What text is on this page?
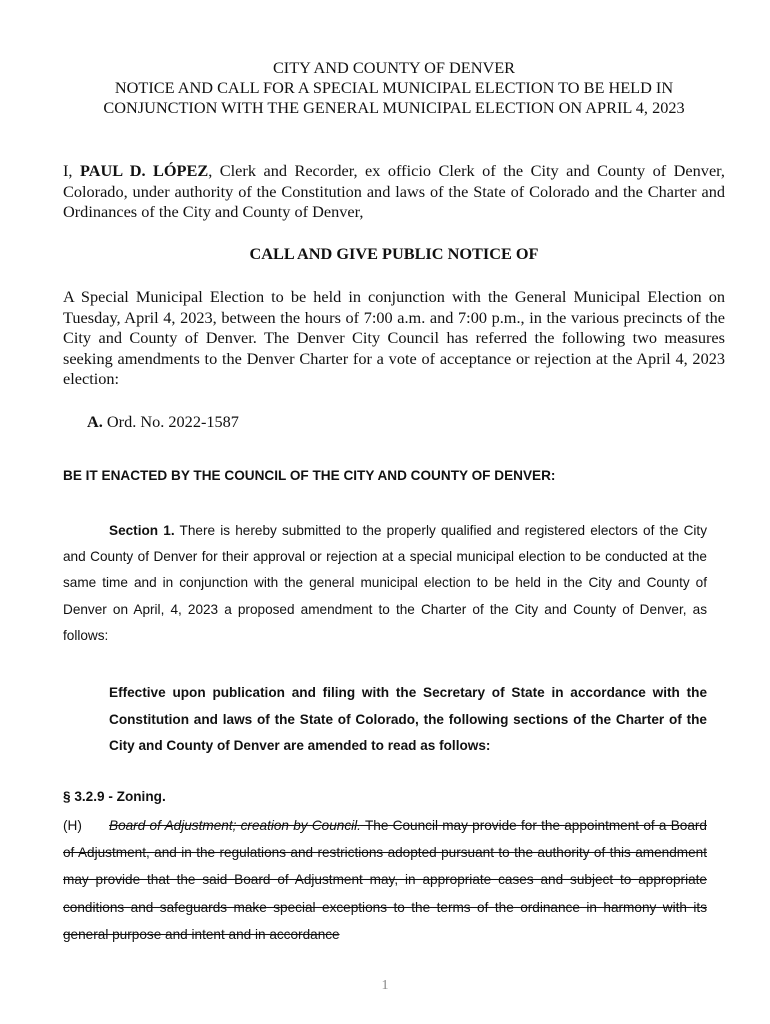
CITY AND COUNTY OF DENVER
NOTICE AND CALL FOR A SPECIAL MUNICIPAL ELECTION TO BE HELD IN
CONJUNCTION WITH THE GENERAL MUNICIPAL ELECTION ON APRIL 4, 2023
I, PAUL D. LÓPEZ, Clerk and Recorder, ex officio Clerk of the City and County of Denver, Colorado, under authority of the Constitution and laws of the State of Colorado and the Charter and Ordinances of the City and County of Denver,
CALL AND GIVE PUBLIC NOTICE OF
A Special Municipal Election to be held in conjunction with the General Municipal Election on Tuesday, April 4, 2023, between the hours of 7:00 a.m. and 7:00 p.m., in the various precincts of the City and County of Denver. The Denver City Council has referred the following two measures seeking amendments to the Denver Charter for a vote of acceptance or rejection at the April 4, 2023 election:
A. Ord. No. 2022-1587
BE IT ENACTED BY THE COUNCIL OF THE CITY AND COUNTY OF DENVER:
Section 1. There is hereby submitted to the properly qualified and registered electors of the City and County of Denver for their approval or rejection at a special municipal election to be conducted at the same time and in conjunction with the general municipal election to be held in the City and County of Denver on April, 4, 2023 a proposed amendment to the Charter of the City and County of Denver, as follows:
Effective upon publication and filing with the Secretary of State in accordance with the Constitution and laws of the State of Colorado, the following sections of the Charter of the City and County of Denver are amended to read as follows:
§ 3.2.9 - Zoning.
(H) Board of Adjustment; creation by Council. The Council may provide for the appointment of a Board of Adjustment, and in the regulations and restrictions adopted pursuant to the authority of this amendment may provide that the said Board of Adjustment may, in appropriate cases and subject to appropriate conditions and safeguards make special exceptions to the terms of the ordinance in harmony with its general purpose and intent and in accordance
1
